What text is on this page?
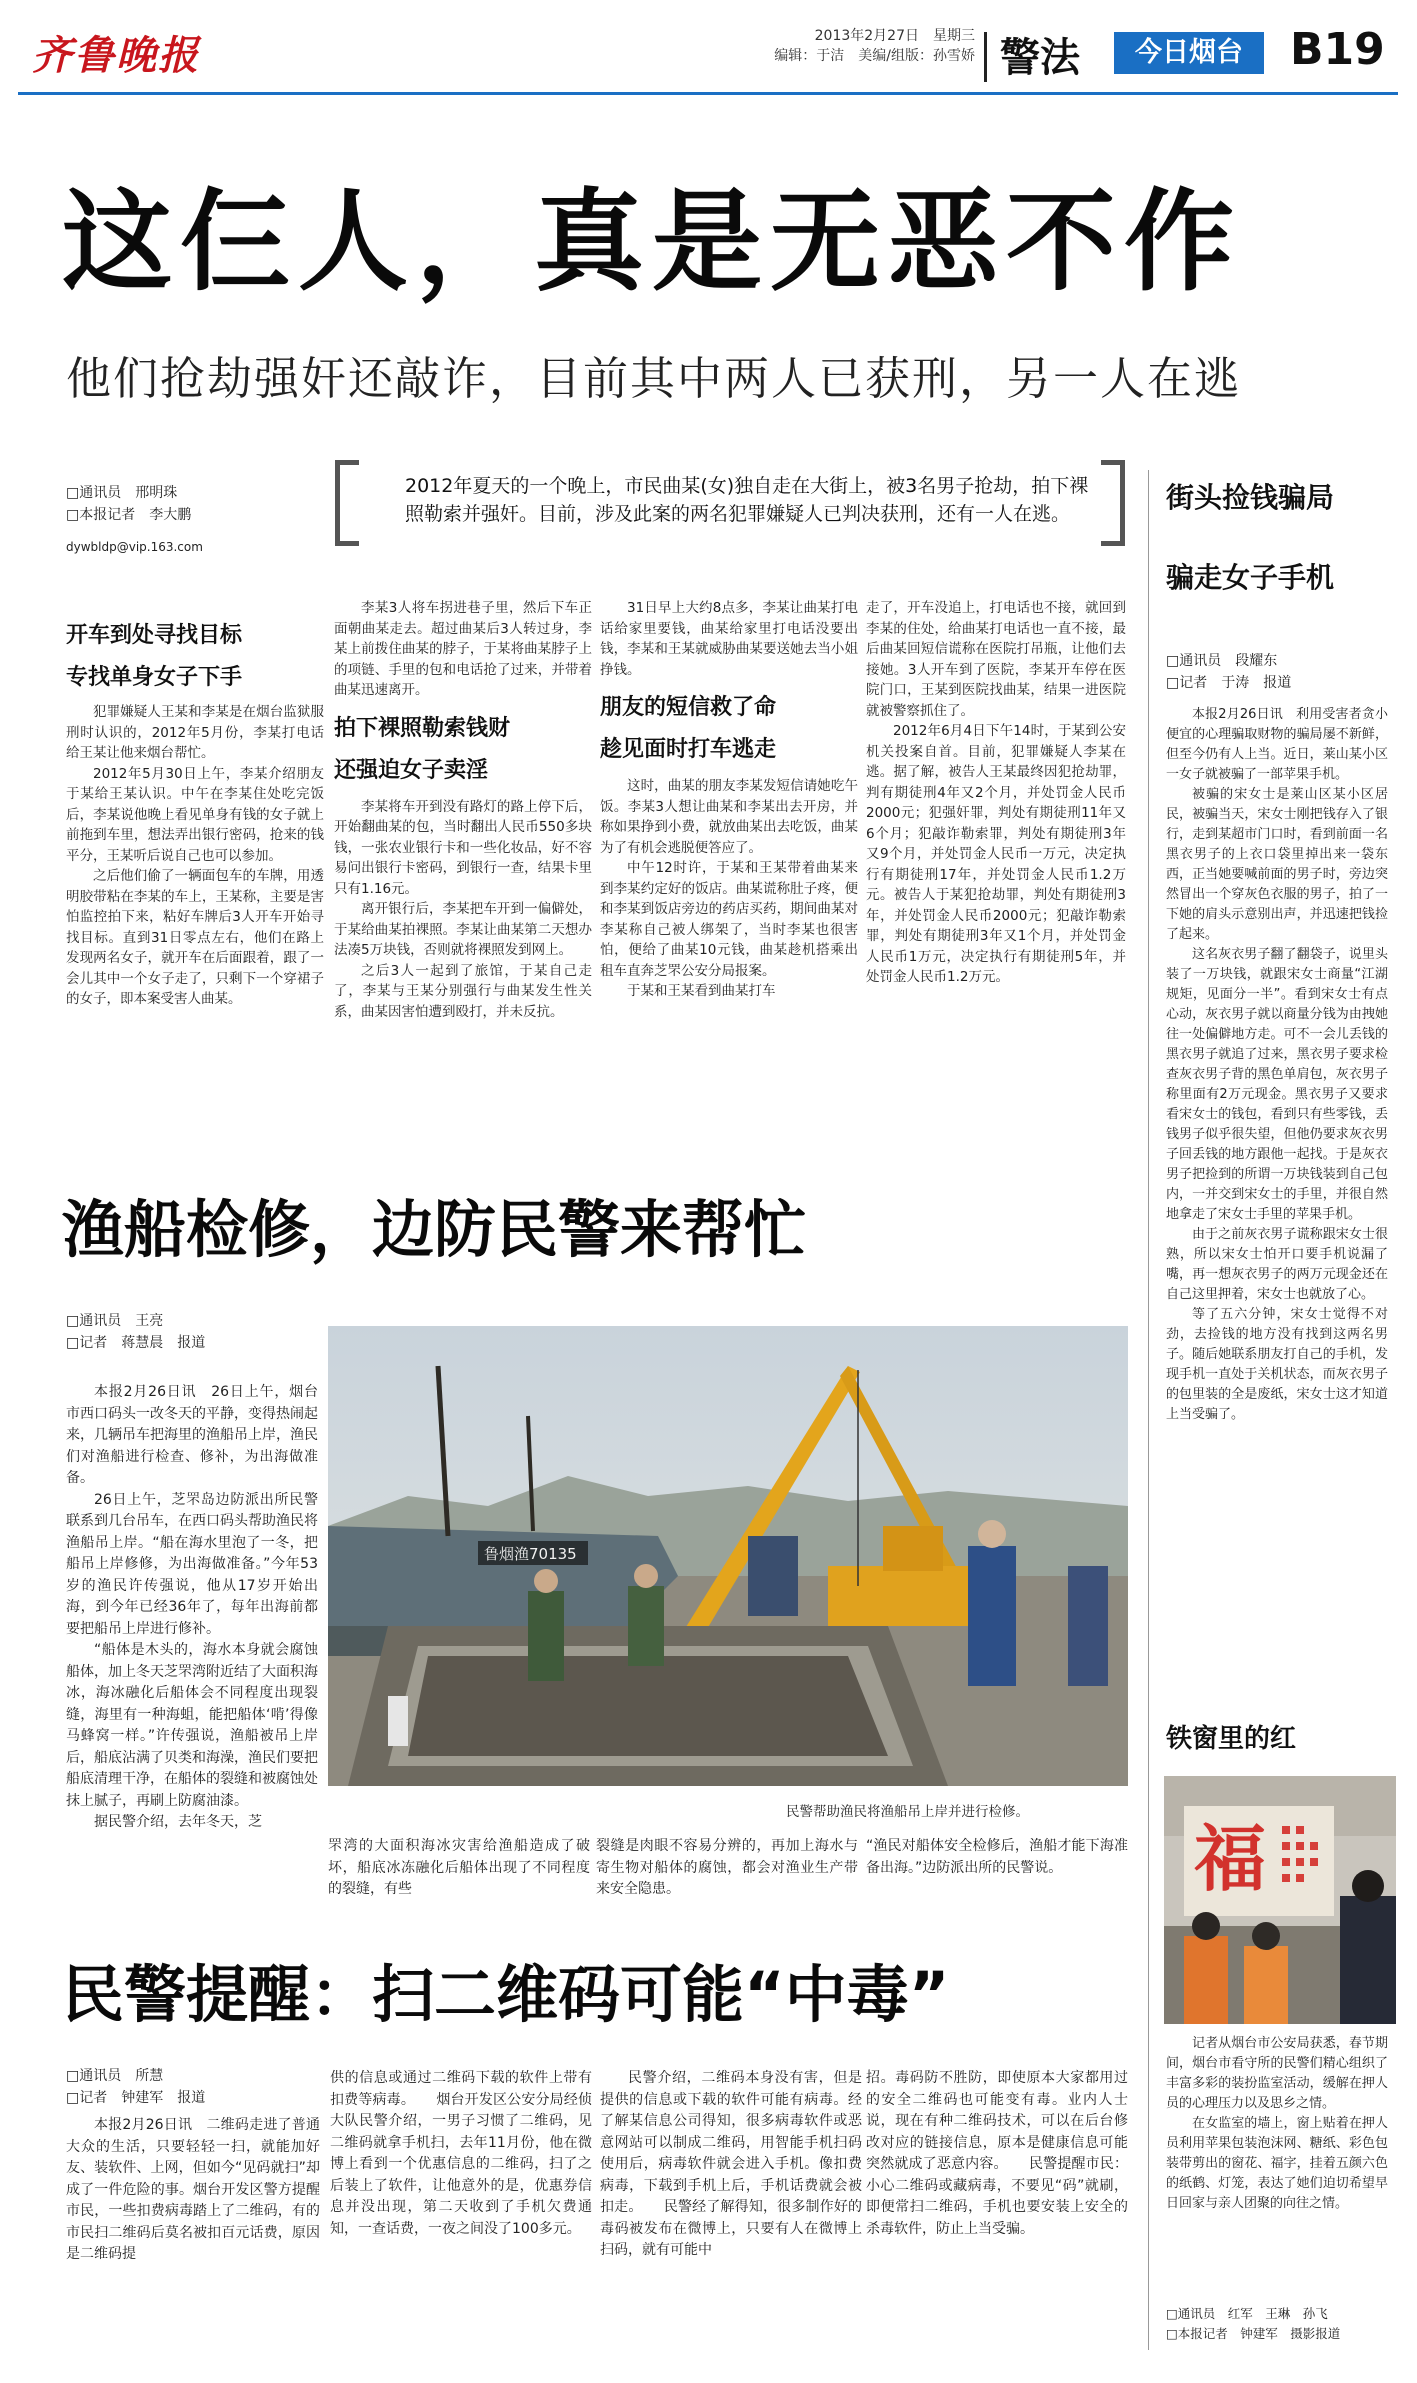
齐鲁晚报	2013年2月27日　星期三
编辑：于洁　美编/组版：孙雪娇 警法	今日烟台	B19
这仨人，真是无恶不作
他们抢劫强奸还敲诈，目前其中两人已获刑，另一人在逃
□通讯员　邢明珠
□本报记者　李大鹏
dywbldp@vip.163.com
2012年夏天的一个晚上，市民曲某(女)独自走在大街上，被3名男子抢劫，拍下裸照勒索并强奸。目前，涉及此案的两名犯罪嫌疑人已判决获刑，还有一人在逃。
开车到处寻找目标
专找单身女子下手

犯罪嫌疑人王某和李某是在烟台监狱服刑时认识的，2012年5月份，李某打电话给王某让他来烟台帮忙。

2012年5月30日上午，李某介绍朋友于某给王某认识。中午在李某住处吃完饭后，李某说他晚上看见单身有钱的女子就上前拖到车里，想法弄出银行密码，抢来的钱平分，王某听后说自己也可以参加。

之后他们偷了一辆面包车的车牌，用透明胶带粘在李某的车上，王某称，主要是害怕监控拍下来，粘好车牌后3人开车开始寻找目标。直到31日零点左右，他们在路上发现两名女子，就开车在后面跟着，跟了一会儿其中一个女子走了，只剩下一个穿裙子的女子，即本案受害人曲某。

李某3人将车拐进巷子里，然后下车正面朝曲某走去。超过曲某后3人转过身，李某上前拨住曲某的脖子，于某将曲某脖子上的项链、手里的包和电话抢了过来，并带着曲某迅速离开。

拍下裸照勒索钱财
还强迫女子卖淫

李某将车开到没有路灯的路上停下后，开始翻曲某的包，当时翻出人民币550多块钱，一张农业银行卡和一些化妆品，好不容易问出银行卡密码，到银行一查，结果卡里只有1.16元。

离开银行后，李某把车开到一偏僻处，于某给曲某拍裸照。李某让曲某第二天想办法凑5万块钱，否则就将裸照发到网上。

之后3人一起到了旅馆，于某自己走了，李某与王某分别强行与曲某发生性关系，曲某因害怕遭到殴打，并未反抗。

31日早上大约8点多，李某让曲某打电话给家里要钱，曲某给家里打电话没要出钱，李某和王某就威胁曲某要送她去当小姐挣钱。

朋友的短信救了命
趁见面时打车逃走

这时，曲某的朋友李某发短信请她吃午饭。李某3人想让曲某和李某出去开房，并称如果挣到小费，就放曲某出去吃饭，曲某为了有机会逃脱便答应了。

中午12时许，于某和王某带着曲某来到李某约定好的饭店。曲某谎称肚子疼，便和李某到饭店旁边的药店买药，期间曲某对李某称自己被人绑架了，当时李某也很害怕，便给了曲某10元钱，曲某趁机搭乘出租车直奔芝罘公安分局报案。

于某和王某看到曲某打车

走了，开车没追上，打电话也不接，就回到李某的住处，给曲某打电话也一直不接，最后曲某回短信谎称在医院打吊瓶，让他们去接她。3人开车到了医院，李某开车停在医院门口，王某到医院找曲某，结果一进医院就被警察抓住了。

2012年6月4日下午14时，于某到公安机关投案自首。目前，犯罪嫌疑人李某在逃。据了解，被告人王某最终因犯抢劫罪，判有期徒刑4年又2个月，并处罚金人民币2000元；犯强奸罪，判处有期徒刑11年又6个月；犯敲诈勒索罪，判处有期徒刑3年又9个月，并处罚金人民币一万元，决定执行有期徒刑17年，并处罚金人民币1.2万元。被告人于某犯抢劫罪，判处有期徒刑3年，并处罚金人民币2000元；犯敲诈勒索罪，判处有期徒刑3年又1个月，并处罚金人民币1万元，决定执行有期徒刑5年，并处罚金人民币1.2万元。

渔船检修，边防民警来帮忙
□通讯员　王亮
□记者　蒋慧晨　报道

本报2月26日讯　26日上午，烟台市西口码头一改冬天的平静，变得热闹起来，几辆吊车把海里的渔船吊上岸，渔民们对渔船进行检查、修补，为出海做准备。

26日上午，芝罘岛边防派出所民警联系到几台吊车，在西口码头帮助渔民将渔船吊上岸。“船在海水里泡了一冬，把船吊上岸修修，为出海做准备。”今年53岁的渔民许传强说，他从17岁开始出海，到今年已经36年了，每年出海前都要把船吊上岸进行修补。

“船体是木头的，海水本身就会腐蚀船体，加上冬天芝罘湾附近结了大面积海冰，海冰融化后船体会不同程度出现裂缝，海里有一种海蛆，能把船体‘啃’得像马蜂窝一样。”许传强说，渔船被吊上岸后，船底沾满了贝类和海澡，渔民们要把船底清理干净，在船体的裂缝和被腐蚀处抹上腻子，再刷上防腐油漆。

据民警介绍，去年冬天，芝

鲁烟渔70135
民警帮助渔民将渔船吊上岸并进行检修。

罘湾的大面积海冰灾害给渔船造成了破坏，船底冰冻融化后船体出现了不同程度的裂缝，有些

裂缝是肉眼不容易分辨的，再加上海水与寄生物对船体的腐蚀，都会对渔业生产带来安全隐患。

“渔民对船体安全检修后，渔船才能下海准备出海。”边防派出所的民警说。

民警提醒：扫二维码可能“中毒”
□通讯员　所慧
□记者　钟建军　报道

本报2月26日讯　二维码走进了普通大众的生活，只要轻轻一扫，就能加好友、装软件、上网，但如今“见码就扫”却成了一件危险的事。烟台开发区警方提醒市民，一些扣费病毒踏上了二维码，有的市民扫二维码后莫名被扣百元话费，原因是二维码提

供的信息或通过二维码下载的软件上带有扣费等病毒。　　烟台开发区公安分局经侦大队民警介绍，一男子习惯了二维码，见二维码就拿手机扫，去年11月份，他在微博上看到一个优惠信息的二维码，扫了之后装上了软件，让他意外的是，优惠券信息并没出现，第二天收到了手机欠费通知，一查话费，一夜之间没了100多元。

民警介绍，二维码本身没有害，但是提供的信息或下载的软件可能有病毒。经了解某信息公司得知，很多病毒软件或恶意网站可以制成二维码，用智能手机扫码使用后，病毒软件就会进入手机。像扣费病毒，下载到手机上后，手机话费就会被扣走。　　民警经了解得知，很多制作好的毒码被发布在微博上，只要有人在微博上扫码，就有可能中

招。毒码防不胜防，即使原本大家都用过的安全二维码也可能变有毒。业内人士说，现在有种二维码技术，可以在后台修改对应的链接信息，原本是健康信息可能突然就成了恶意内容。　　民警提醒市民：小心二维码或藏病毒，不要见“码”就刷，即便常扫二维码，手机也要安装上安全的杀毒软件，防止上当受骗。

街头捡钱骗局
骗走女子手机
□通讯员　段耀东
□记者　于涛　报道

本报2月26日讯　利用受害者贪小便宜的心理骗取财物的骗局屡不新鲜，但至今仍有人上当。近日，莱山某小区一女子就被骗了一部苹果手机。

被骗的宋女士是莱山区某小区居民，被骗当天，宋女士刚把钱存入了银行，走到某超市门口时，看到前面一名黑衣男子的上衣口袋里掉出来一袋东西，正当她要喊前面的男子时，旁边突然冒出一个穿灰色衣服的男子，拍了一下她的肩头示意别出声，并迅速把钱捡了起来。

这名灰衣男子翻了翻袋子，说里头装了一万块钱，就跟宋女士商量“江湖规矩，见面分一半”。看到宋女士有点心动，灰衣男子就以商量分钱为由拽她往一处偏僻地方走。可不一会儿丢钱的黑衣男子就追了过来，黑衣男子要求检查灰衣男子背的黑色单肩包，灰衣男子称里面有2万元现金。黑衣男子又要求看宋女士的钱包，看到只有些零钱，丢钱男子似乎很失望，但他仍要求灰衣男子回丢钱的地方跟他一起找。于是灰衣男子把捡到的所谓一万块钱装到自己包内，一并交到宋女士的手里，并很自然地拿走了宋女士手里的苹果手机。

由于之前灰衣男子谎称跟宋女士很熟，所以宋女士怕开口要手机说漏了嘴，再一想灰衣男子的两万元现金还在自己这里押着，宋女士也就放了心。

等了五六分钟，宋女士觉得不对劲，去捡钱的地方没有找到这两名男子。随后她联系朋友打自己的手机，发现手机一直处于关机状态，而灰衣男子的包里装的全是废纸，宋女士这才知道上当受骗了。

铁窗里的红
福

记者从烟台市公安局获悉，春节期间，烟台市看守所的民警们精心组织了丰富多彩的装扮监室活动，缓解在押人员的心理压力以及思乡之情。

在女监室的墙上，窗上贴着在押人员利用苹果包装泡沫网、糖纸、彩色包装带剪出的窗花、福字，挂着五颜六色的纸鹤、灯笼，表达了她们迫切希望早日回家与亲人团聚的向往之情。

□通讯员　红军　王琳　孙飞
□本报记者　钟建军　摄影报道
